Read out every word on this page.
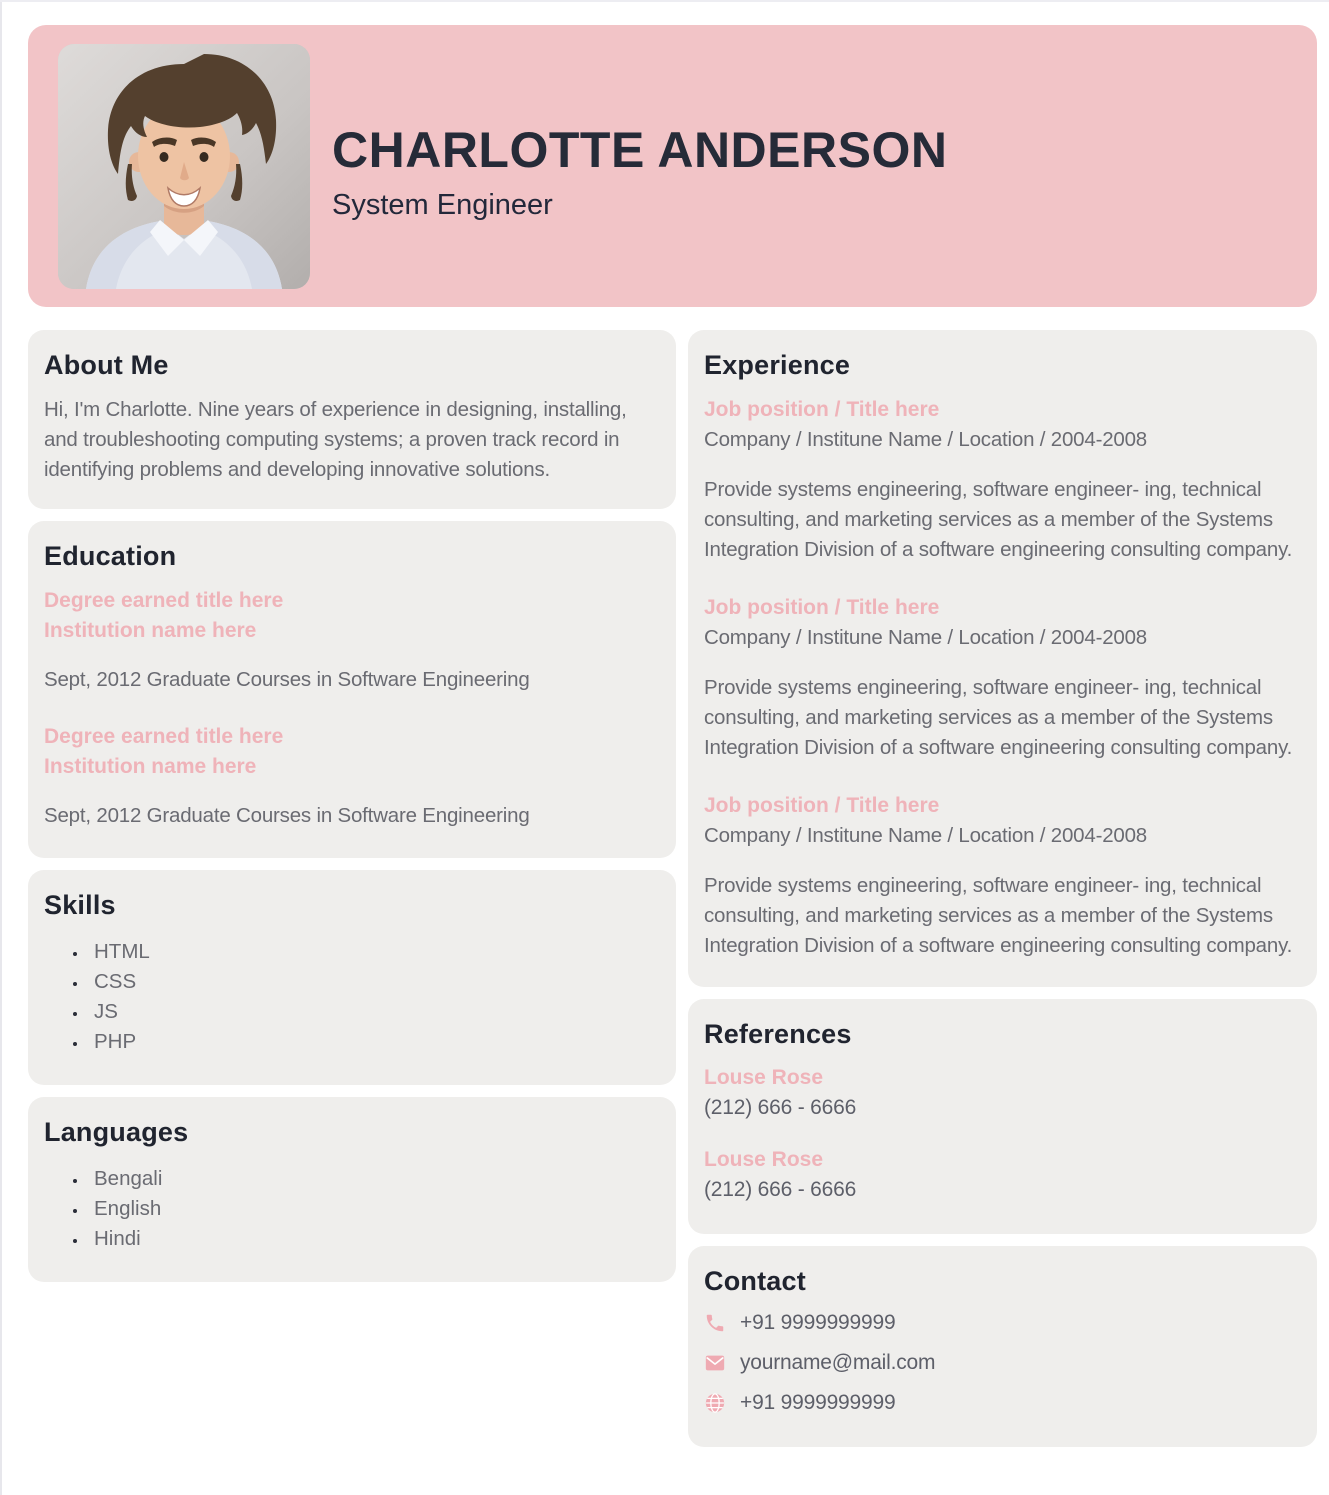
CHARLOTTE ANDERSON
System Engineer
About Me

Hi, I'm Charlotte. Nine years of experience in designing, installing, and troubleshooting computing systems; a proven track record in identifying problems and developing innovative solutions.

Education
Degree earned title here
Institution name here
Sept, 2012 Graduate Courses in Software Engineering
Degree earned title here
Institution name here
Sept, 2012 Graduate Courses in Software Engineering
Skills
• HTML
• CSS
• JS
• PHP
Languages
• Bengali
• English
• Hindi
Experience
Job position / Title here
Company / Institune Name / Location / 2004-2008

Provide systems engineering, software engineer- ing, technical consulting, and marketing services as a member of the Systems Integration Division of a software engineering consulting company.

Job position / Title here
Company / Institune Name / Location / 2004-2008

Provide systems engineering, software engineer- ing, technical consulting, and marketing services as a member of the Systems Integration Division of a software engineering consulting company.

Job position / Title here
Company / Institune Name / Location / 2004-2008

Provide systems engineering, software engineer- ing, technical consulting, and marketing services as a member of the Systems Integration Division of a software engineering consulting company.

References
Louse Rose
(212) 666 - 6666
Louse Rose
(212) 666 - 6666
Contact
+91 9999999999
yourname@mail.com
+91 9999999999
